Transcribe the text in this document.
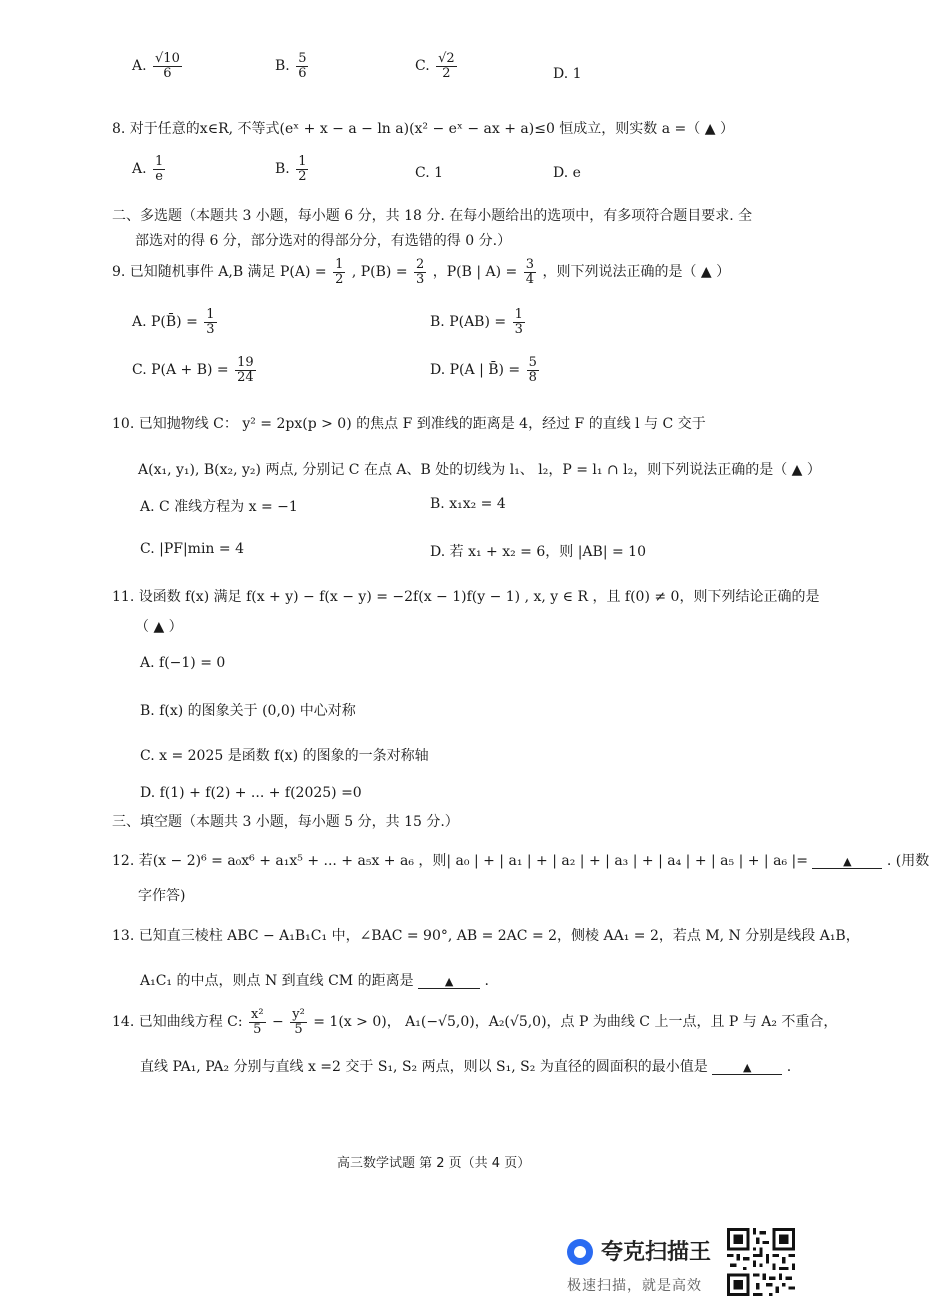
A. $\frac{√10}{6}$	B. $\frac{5}{6}$	C. $\frac{√2}{2}$	D. 1
8. 对于任意的x∈R, 不等式(eˣ + x − a − ln a)(x² − eˣ − ax + a)≤0 恒成立，则实数 a =（ ▲ ）
A. $\frac{1}{e}$	B. $\frac{1}{2}$	C. 1	D. e
二、多选题（本题共 3 小题，每小题 6 分，共 18 分. 在每小题给出的选项中，有多项符合题目要求. 全
部选对的得 6 分，部分选对的得部分分，有选错的得 0 分.）
9. 已知随机事件 A,B 满足 $P(A) = \frac{1}{2}$ , $P(B) = \frac{2}{3}$ ，P(B | $A) = \frac{3}{4}$ ，则下列说法正确的是（ ▲ ）
A. P(B̄) = $\frac{1}{3}$	B. $P(AB) = \frac{1}{3}$
C. $P(A + B) = \frac{19}{24}$	D. P(A | B̄) = $\frac{5}{8}$
10. 已知抛物线 C： y² = 2px(p > 0) 的焦点 F 到准线的距离是 4，经过 F 的直线 l 与 C 交于
A(x₁, y₁), B(x₂, y₂) 两点, 分别记 C 在点 A、B 处的切线为 l₁、 l₂，P = l₁ ∩ l₂，则下列说法正确的是（ ▲ ）
A. C 准线方程为 x = −1	B. x₁x₂ = 4
C. |PF|min = 4	D. 若 x₁ + x₂ = 6，则 |AB| = 10
11. 设函数 f(x) 满足 f(x + y) − f(x − y) = −2f(x − 1)f(y − 1) , x, y ∈ R ，且 f(0) ≠ 0，则下列结论正确的是
（ ▲ ）
A. f(−1) = 0
B. f(x) 的图象关于 (0,0) 中心对称
C. x = 2025 是函数 f(x) 的图象的一条对称轴
D. f(1) + f(2) + ... + f(2025) =0
三、填空题（本题共 3 小题，每小题 5 分，共 15 分.）
12. 若(x − 2)⁶ = a₀x⁶ + a₁x⁵ + ... + a₅x + a₆ ，则| a₀ | + | a₁ | + | a₂ | + | a₃ | + | a₄ | + | a₅ | + | a₆ |=	▲	. (用数
字作答)
13. 已知直三棱柱 ABC − A₁B₁C₁ 中，∠BAC = 90°, AB = 2AC = 2，侧棱 AA₁ = 2，若点 M, N 分别是线段 A₁B，
A₁C₁ 的中点，则点 N 到直线 CM 的距离是	▲ .
14. 已知曲线方程 C: $\frac{\text{x²}}{5} - \frac{\text{y²}}{5} = 1(x > 0)$， A₁(−√5,0)，A₂(√5,0)，点 P 为曲线 C 上一点，且 P 与 A₂ 不重合，
直线 PA₁, PA₂ 分别与直线 x =2 交于 S₁, S₂ 两点，则以 S₁, S₂ 为直径的圆面积的最小值是	▲	.
高三数学试题 第 2 页（共 4 页）
夸克扫描王
极速扫描，就是高效
